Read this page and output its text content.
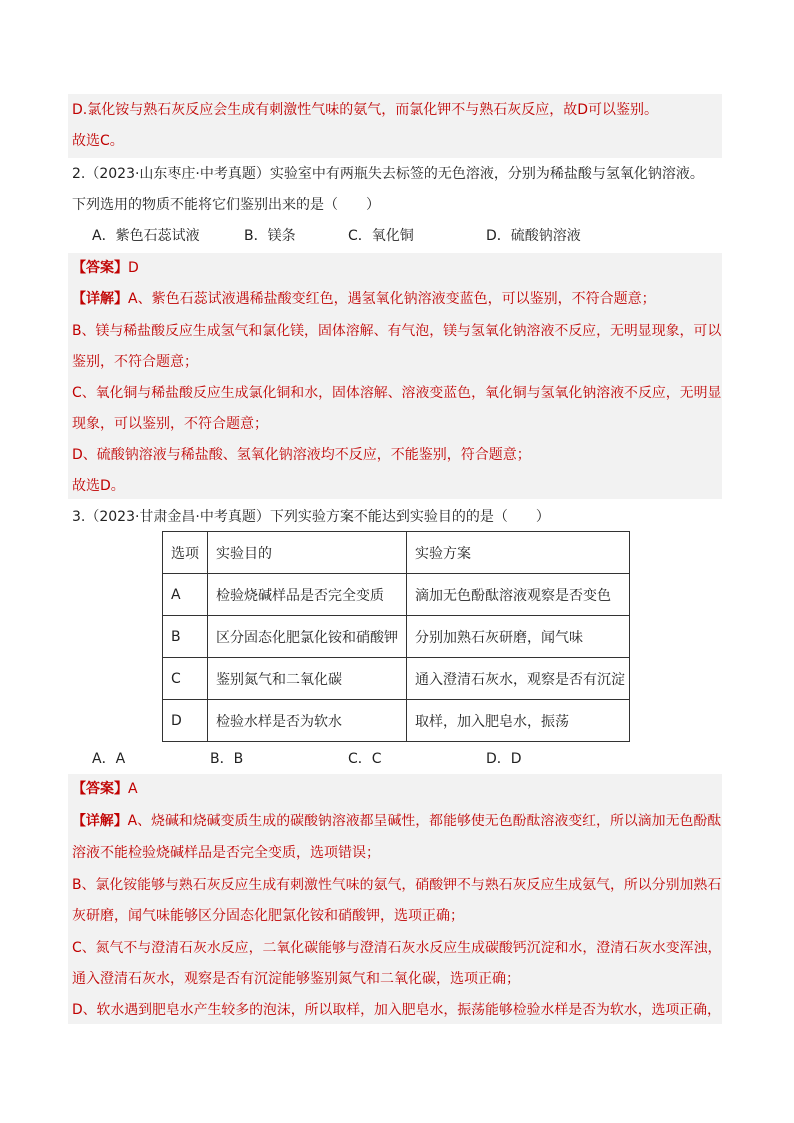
D.氯化铵与熟石灰反应会生成有刺激性气味的氨气，而氯化钾不与熟石灰反应，故D可以鉴别。
故选C。
2.（2023·山东枣庄·中考真题）实验室中有两瓶失去标签的无色溶液，分别为稀盐酸与氢氧化钠溶液。
下列选用的物质不能将它们鉴别出来的是（　　）
A．紫色石蕊试液	B．镁条	C．氧化铜	D．硫酸钠溶液
【答案】D
【详解】A、紫色石蕊试液遇稀盐酸变红色，遇氢氧化钠溶液变蓝色，可以鉴别，不符合题意；
B、镁与稀盐酸反应生成氢气和氯化镁，固体溶解、有气泡，镁与氢氧化钠溶液不反应，无明显现象，可以
鉴别，不符合题意；
C、氧化铜与稀盐酸反应生成氯化铜和水，固体溶解、溶液变蓝色，氧化铜与氢氧化钠溶液不反应，无明显
现象，可以鉴别，不符合题意；
D、硫酸钠溶液与稀盐酸、氢氧化钠溶液均不反应，不能鉴别，符合题意；
故选D。
3.（2023·甘肃金昌·中考真题）下列实验方案不能达到实验目的的是（　　）
选项	实验目的	实验方案
A	检验烧碱样品是否完全变质	滴加无色酚酞溶液观察是否变色
B	区分固态化肥氯化铵和硝酸钾	分别加熟石灰研磨，闻气味
C	鉴别氮气和二氧化碳	通入澄清石灰水，观察是否有沉淀
D	检验水样是否为软水	取样，加入肥皂水，振荡
A．A	B．B	C．C	D．D
【答案】A
【详解】A、烧碱和烧碱变质生成的碳酸钠溶液都呈碱性，都能够使无色酚酞溶液变红，所以滴加无色酚酞
溶液不能检验烧碱样品是否完全变质，选项错误；
B、氯化铵能够与熟石灰反应生成有刺激性气味的氨气，硝酸钾不与熟石灰反应生成氨气，所以分别加熟石
灰研磨，闻气味能够区分固态化肥氯化铵和硝酸钾，选项正确；
C、氮气不与澄清石灰水反应，二氧化碳能够与澄清石灰水反应生成碳酸钙沉淀和水，澄清石灰水变浑浊，
通入澄清石灰水，观察是否有沉淀能够鉴别氮气和二氧化碳，选项正确；
D、软水遇到肥皂水产生较多的泡沫，所以取样，加入肥皂水，振荡能够检验水样是否为软水，选项正确，
